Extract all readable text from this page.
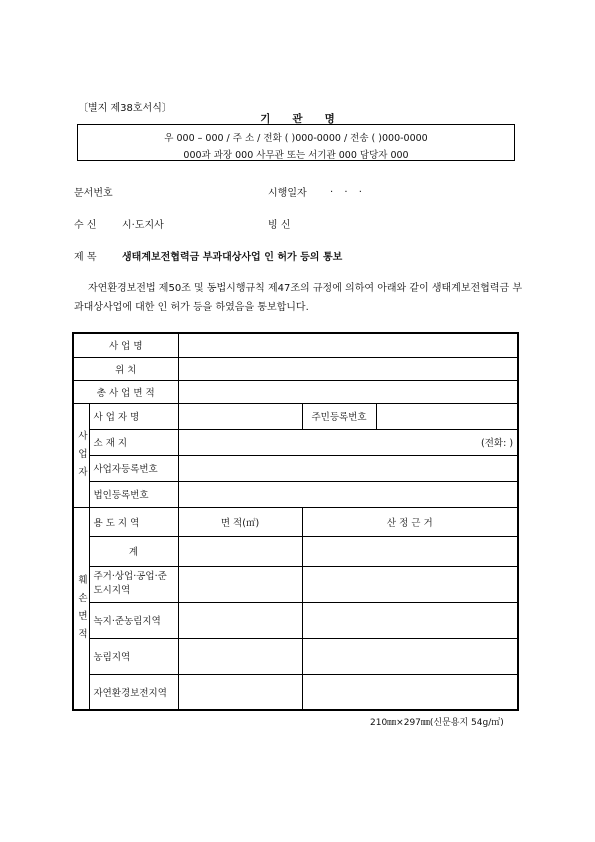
〔별지 제38호서식〕
기관명
우 000 – 000 / 주 소 / 전화 ( )000-0000 / 전송 ( )000-0000
000과 과장 000 사무관 또는 서기관 000 담당자 000
문서번호	시행일자 . . .
수 신	시·도지사	빙 신
제 목	생태계보전협력금 부과대상사업 인 허가 등의 통보
자연환경보전법 제50조 및 동법시행규칙 제47조의 규정에 의하여 아래와 같이 생태계보전협력금 부과대상사업에 대한 인 허가 등을 하였음을 통보합니다.
사 업 명				
위 치				
총 사 업 면 적				
사업자	사 업 자 명		주민등록번호	
	소 재 지	(전화: )		
	사업자등록번호			
	법인등록번호			
훼손면적	용 도 지 역	면 적(㎡)	산 정 근 거	
	계			
	주거·상업·공업·준도시지역			
	녹지·준농림지역			
	농림지역			
	자연환경보전지역			
210㎜×297㎜(신문용지 54g/㎡)
